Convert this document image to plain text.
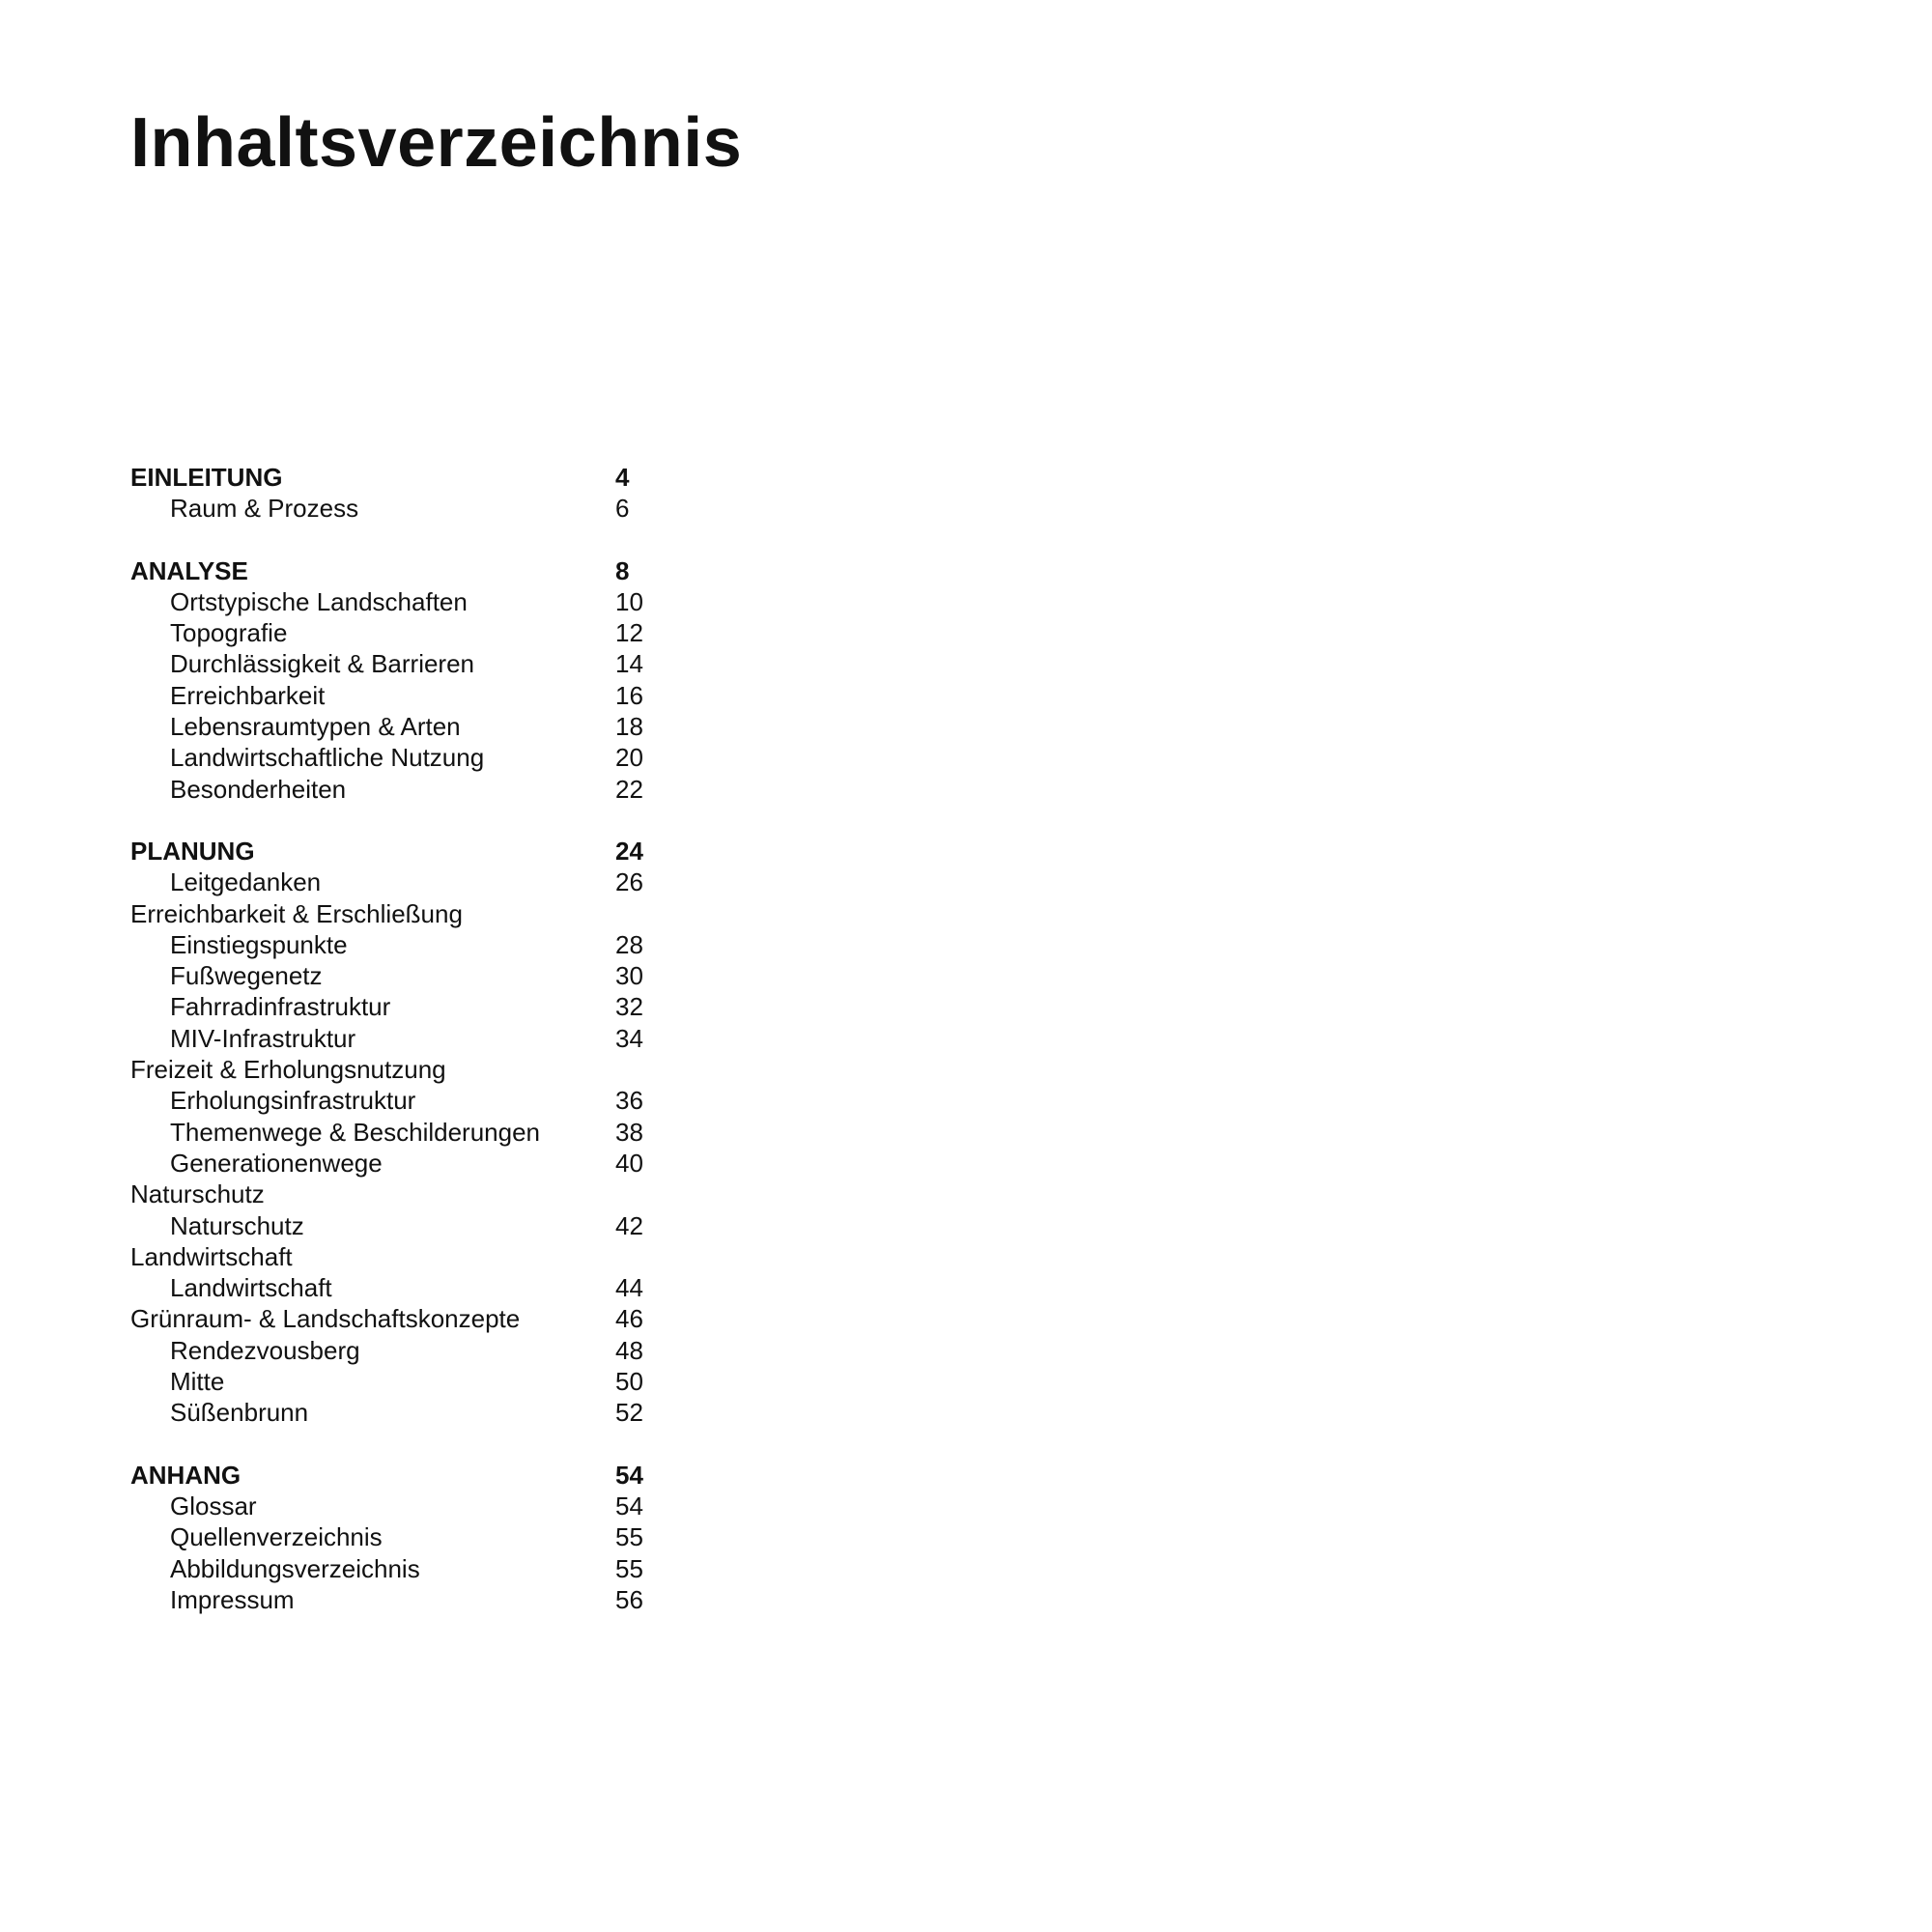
Inhaltsverzeichnis
EINLEITUNG	4
Raum & Prozess	6
ANALYSE	8
Ortstypische Landschaften	10
Topografie	12
Durchlässigkeit & Barrieren	14
Erreichbarkeit	16
Lebensraumtypen & Arten	18
Landwirtschaftliche Nutzung	20
Besonderheiten	22
PLANUNG	24
Leitgedanken	26
Erreichbarkeit & Erschließung
Einstiegspunkte	28
Fußwegenetz	30
Fahrradinfrastruktur	32
MIV-Infrastruktur	34
Freizeit & Erholungsnutzung
Erholungsinfrastruktur	36
Themenwege & Beschilderungen	38
Generationenwege	40
Naturschutz
Naturschutz	42
Landwirtschaft
Landwirtschaft	44
Grünraum- & Landschaftskonzepte	46
Rendezvousberg	48
Mitte	50
Süßenbrunn	52
ANHANG	54
Glossar	54
Quellenverzeichnis	55
Abbildungsverzeichnis	55
Impressum	56
